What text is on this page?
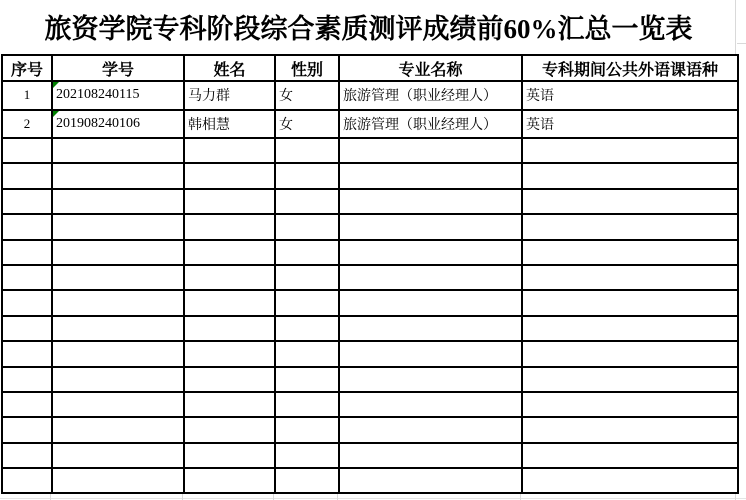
旅资学院专科阶段综合素质测评成绩前60%汇总一览表
序号	学号	姓名	性别	专业名称	专科期间公共外语课语种
1	202108240115	马力群	女	旅游管理（职业经理人）	英语
2	201908240106	韩相慧	女	旅游管理（职业经理人）	英语
